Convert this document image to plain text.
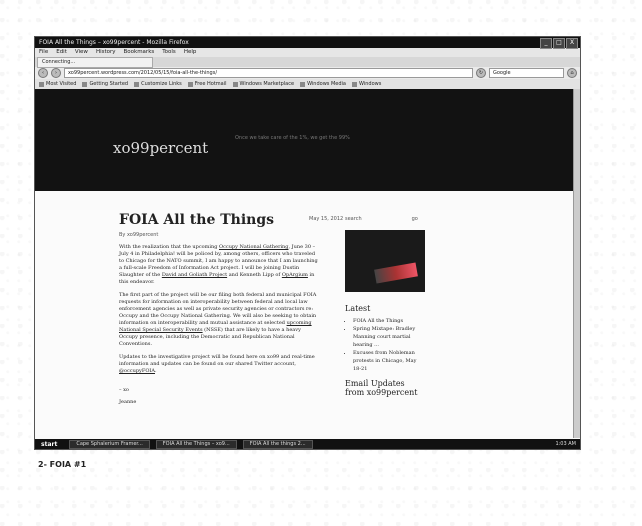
FOIA All the Things – xo99percent - Mozilla Firefox	_	□	X
File Edit View History Bookmarks Tools Help
Connecting...
‹	›	xo99percent.wordpress.com/2012/05/15/foia-all-the-things/	↻	Google	⌂
Most Visited	Getting Started	Customize Links	Free Hotmail	Windows Marketplace	Windows Media	Windows
xo99percent
Once we take care of the 1%, we get the 99%
FOIA All the Things	May 15, 2012
By xo99percent
With the realization that the upcoming Occupy National Gathering, June 30 – July 4 in Philadelphia! will be policed by, among others, officers who traveled to Chicago for the NATO summit, I am happy to announce that I am launching a full-scale Freedom of Information Act project. I will be joining Dustin Slaughter of the David and Goliath Project and Kenneth Lipp of OpArgium in this endeavor.
The first part of the project will be our filing both federal and municipal FOIA requests for information on interoperability between federal and local law enforcement agencies as well as private security agencies or contractors re: Occupy and the Occupy National Gathering. We will also be seeking to obtain information on interoperability and mutual assistance at selected upcoming National Special Security Events (NSSE) that are likely to have a heavy Occupy presence, including the Democratic and Republican National Conventions.
Updates to the investigative project will be found here on xo99 and real-time information and updates can be found on our shared Twitter account, @occupyFOIA.
– xo
Jeanne
search	go
Latest
• FOIA All the Things
• Spring Mixtape: Bradley Manning court martial hearing ...
• Excuses from Nobleman protests in Chicago, May 18-21
Email Updates from xo99percent
start	Cape Sphalerium Framer...	FOIA All the Things – xo9...	FOIA All the things 2...	1:03 AM
2- FOIA #1
